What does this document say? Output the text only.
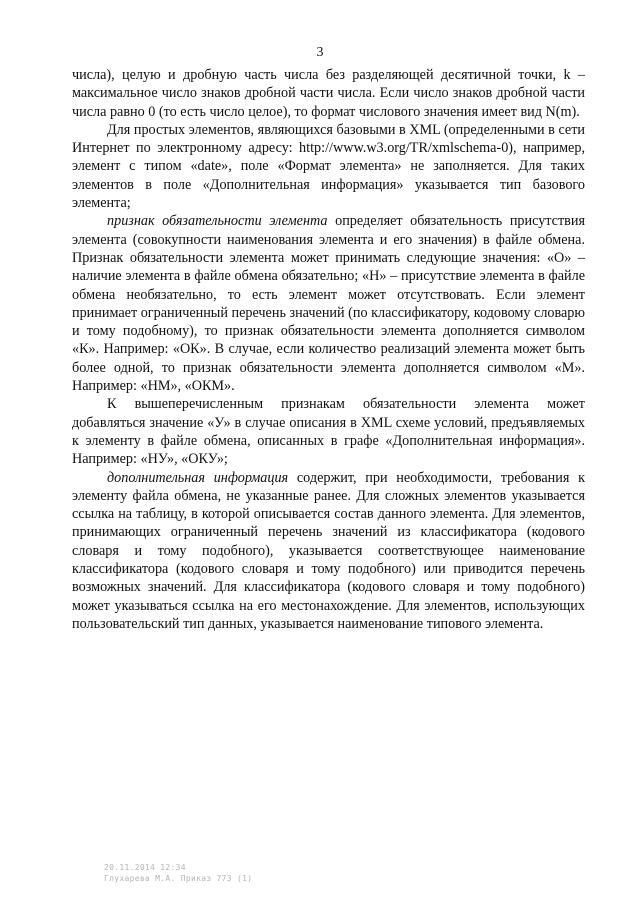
3

числа), целую и дробную часть числа без разделяющей десятичной точки, k – максимальное число знаков дробной части числа. Если число знаков дробной части числа равно 0 (то есть число целое), то формат числового значения имеет вид N(m).

Для простых элементов, являющихся базовыми в XML (определенными в сети Интернет по электронному адресу: http://www.w3.org/TR/xmlschema-0), например, элемент с типом «date», поле «Формат элемента» не заполняется. Для таких элементов в поле «Дополнительная информация» указывается тип базового элемента;

признак обязательности элемента определяет обязательность присутствия элемента (совокупности наименования элемента и его значения) в файле обмена. Признак обязательности элемента может принимать следующие значения: «О» – наличие элемента в файле обмена обязательно; «Н» – присутствие элемента в файле обмена необязательно, то есть элемент может отсутствовать. Если элемент принимает ограниченный перечень значений (по классификатору, кодовому словарю и тому подобному), то признак обязательности элемента дополняется символом «К». Например: «ОК». В случае, если количество реализаций элемента может быть более одной, то признак обязательности элемента дополняется символом «М». Например: «НМ», «ОКМ».

К вышеперечисленным признакам обязательности элемента может добавляться значение «У» в случае описания в XML схеме условий, предъявляемых к элементу в файле обмена, описанных в графе «Дополнительная информация». Например: «НУ», «ОКУ»;

дополнительная информация содержит, при необходимости, требования к элементу файла обмена, не указанные ранее. Для сложных элементов указывается ссылка на таблицу, в которой описывается состав данного элемента. Для элементов, принимающих ограниченный перечень значений из классификатора (кодового словаря и тому подобного), указывается соответствующее наименование классификатора (кодового словаря и тому подобного) или приводится перечень возможных значений. Для классификатора (кодового словаря и тому подобного) может указываться ссылка на его местонахождение. Для элементов, использующих пользовательский тип данных, указывается наименование типового элемента.

20.11.2014 12:34
Глухарева М.А. Приказ 773 (1)
